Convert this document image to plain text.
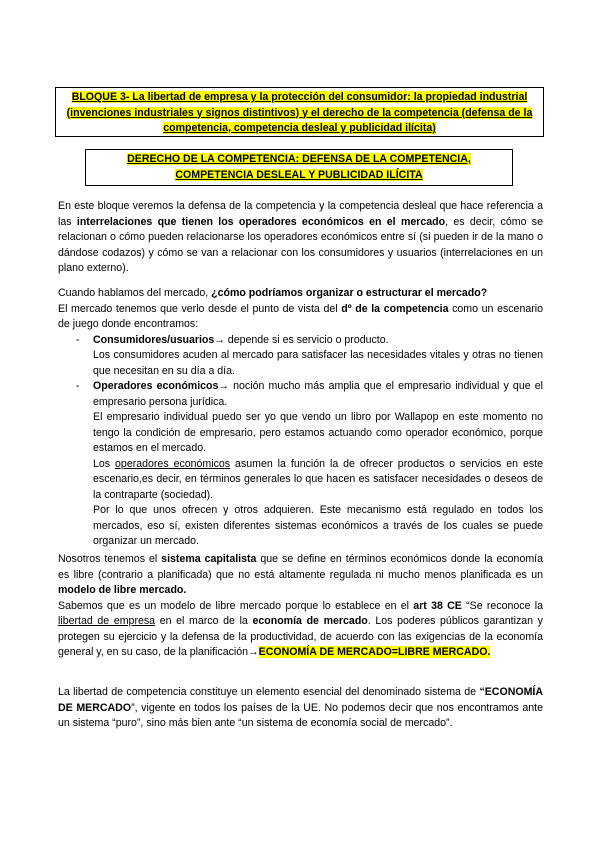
BLOQUE 3- La libertad de empresa y la protección del consumidor: la propiedad industrial (invenciones industriales y signos distintivos) y el derecho de la competencia (defensa de la competencia, competencia desleal y publicidad ilícita)
DERECHO DE LA COMPETENCIA: DEFENSA DE LA COMPETENCIA, COMPETENCIA DESLEAL Y PUBLICIDAD ILÍCITA

En este bloque veremos la defensa de la competencia y la competencia desleal que hace referencia a las interrelaciones que tienen los operadores económicos en el mercado, es decir, cómo se relacionan o cómo pueden relacionarse los operadores económicos entre sí (si pueden ir de la mano o dándose codazos) y cómo se van a relacionar con los consumidores y usuarios (interrelaciones en un plano externo).

Cuando hablamos del mercado, ¿cómo podríamos organizar o estructurar el mercado?

El mercado tenemos que verlo desde el punto de vista del dº de la competencia como un escenario de juego donde encontramos:

- Consumidores/usuarios→ depende si es servicio o producto.

Los consumidores acuden al mercado para satisfacer las necesidades vitales y otras no tienen que necesitan en su día a día.

- Operadores económicos→ noción mucho más amplia que el empresario individual y que el empresario persona jurídica.

El empresario individual puedo ser yo que vendo un libro por Wallapop en este momento no tengo la condición de empresario, pero estamos actuando como operador económico, porque estamos en el mercado.

Los operadores económicos asumen la función la de ofrecer productos o servicios en este escenario,es decir, en términos generales lo que hacen es satisfacer necesidades o deseos de la contraparte (sociedad).

Por lo que unos ofrecen y otros adquieren. Este mecanismo está regulado en todos los mercados, eso sí, existen diferentes sistemas económicos a través de los cuales se puede organizar un mercado.

Nosotros tenemos el sistema capitalista que se define en términos económicos donde la economía es libre (contrario a planificada) que no está altamente regulada ni mucho menos planificada es un modelo de libre mercado.

Sabemos que es un modelo de libre mercado porque lo establece en el art 38 CE “Se reconoce la libertad de empresa en el marco de la economía de mercado. Los poderes públicos garantizan y protegen su ejercicio y la defensa de la productividad, de acuerdo con las exigencias de la economía general y, en su caso, de la planificación→ECONOMÍA DE MERCADO=LIBRE MERCADO.

La libertad de competencia constituye un elemento esencial del denominado sistema de “ECONOMÍA DE MERCADO”, vigente en todos los países de la UE. No podemos decir que nos encontramos ante un sistema “puro”, sino más bien ante “un sistema de economía social de mercado”.
